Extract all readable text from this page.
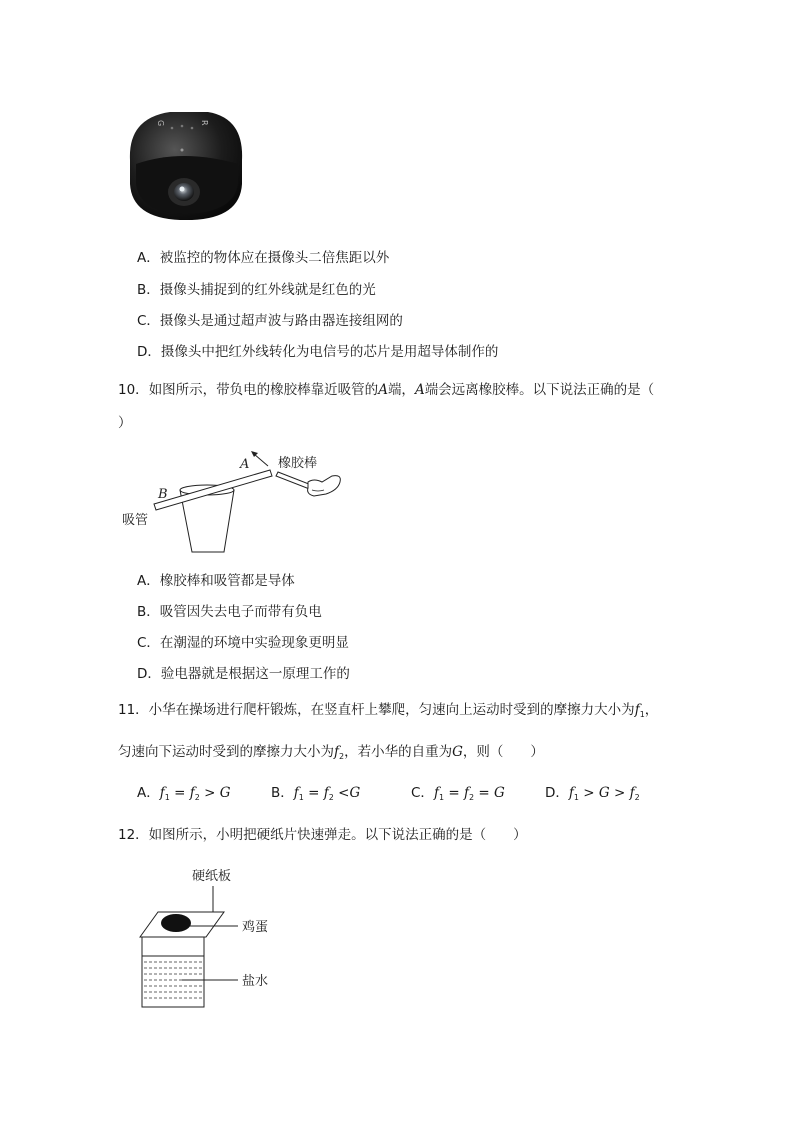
G	R
A．被监控的物体应在摄像头二倍焦距以外
B．摄像头捕捉到的红外线就是红色的光
C．摄像头是通过超声波与路由器连接组网的
D．摄像头中把红外线转化为电信号的芯片是用超导体制作的
10．如图所示，带负电的橡胶棒靠近吸管的A端，A端会远离橡胶棒。以下说法正确的是（
）
A
B
橡胶棒
吸管
A．橡胶棒和吸管都是导体
B．吸管因失去电子而带有负电
C．在潮湿的环境中实验现象更明显
D．验电器就是根据这一原理工作的
11．小华在操场进行爬杆锻炼，在竖直杆上攀爬，匀速向上运动时受到的摩擦力大小为$f_1$，
匀速向下运动时受到的摩擦力大小为$f_2$，若小华的自重为G，则（　　）
A．$f_1 = f_2 > G$	B．$f_1 = f_2 <G$	C．$f_1 = f_2 = G$	D．$f_1 > G > f_2$
12．如图所示，小明把硬纸片快速弹走。以下说法正确的是（　　）
硬纸板
鸡蛋
盐水
